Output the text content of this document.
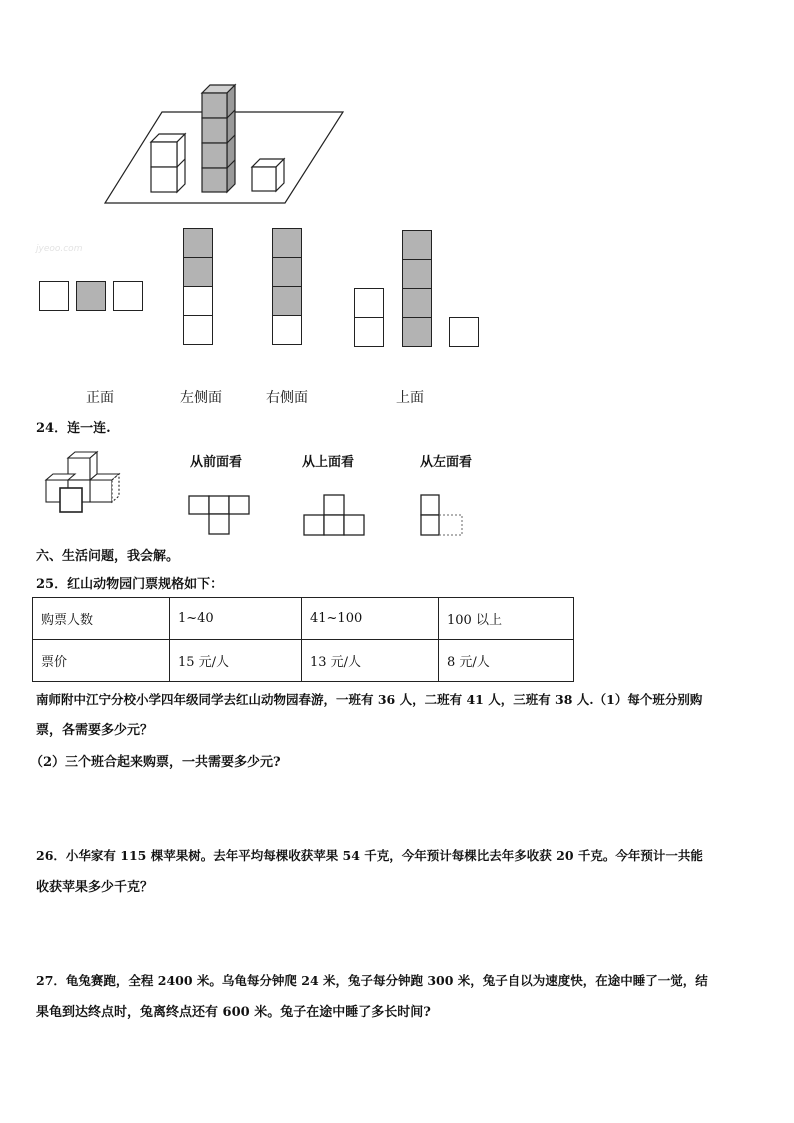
jyeoo.com
正面	左侧面	右侧面	上面
24．连一连.
从前面看	从上面看	从左面看
六、生活问题，我会解。
25．红山动物园门票规格如下：
购票人数	1~40	41~100	100 以上
票价	15 元/人	13 元/人	8 元/人
南师附中江宁分校小学四年级同学去红山动物园春游，一班有 36 人，二班有 41 人，三班有 38 人.（1）每个班分别购
票，各需要多少元？
（2）三个班合起来购票，一共需要多少元?
26．小华家有 115 棵苹果树。去年平均每棵收获苹果 54 千克，今年预计每棵比去年多收获 20 千克。今年预计一共能
收获苹果多少千克？
27．龟兔赛跑，全程 2400 米。乌龟每分钟爬 24 米，兔子每分钟跑 300 米，兔子自以为速度快，在途中睡了一觉，结
果龟到达终点时，兔离终点还有 600 米。兔子在途中睡了多长时间?
